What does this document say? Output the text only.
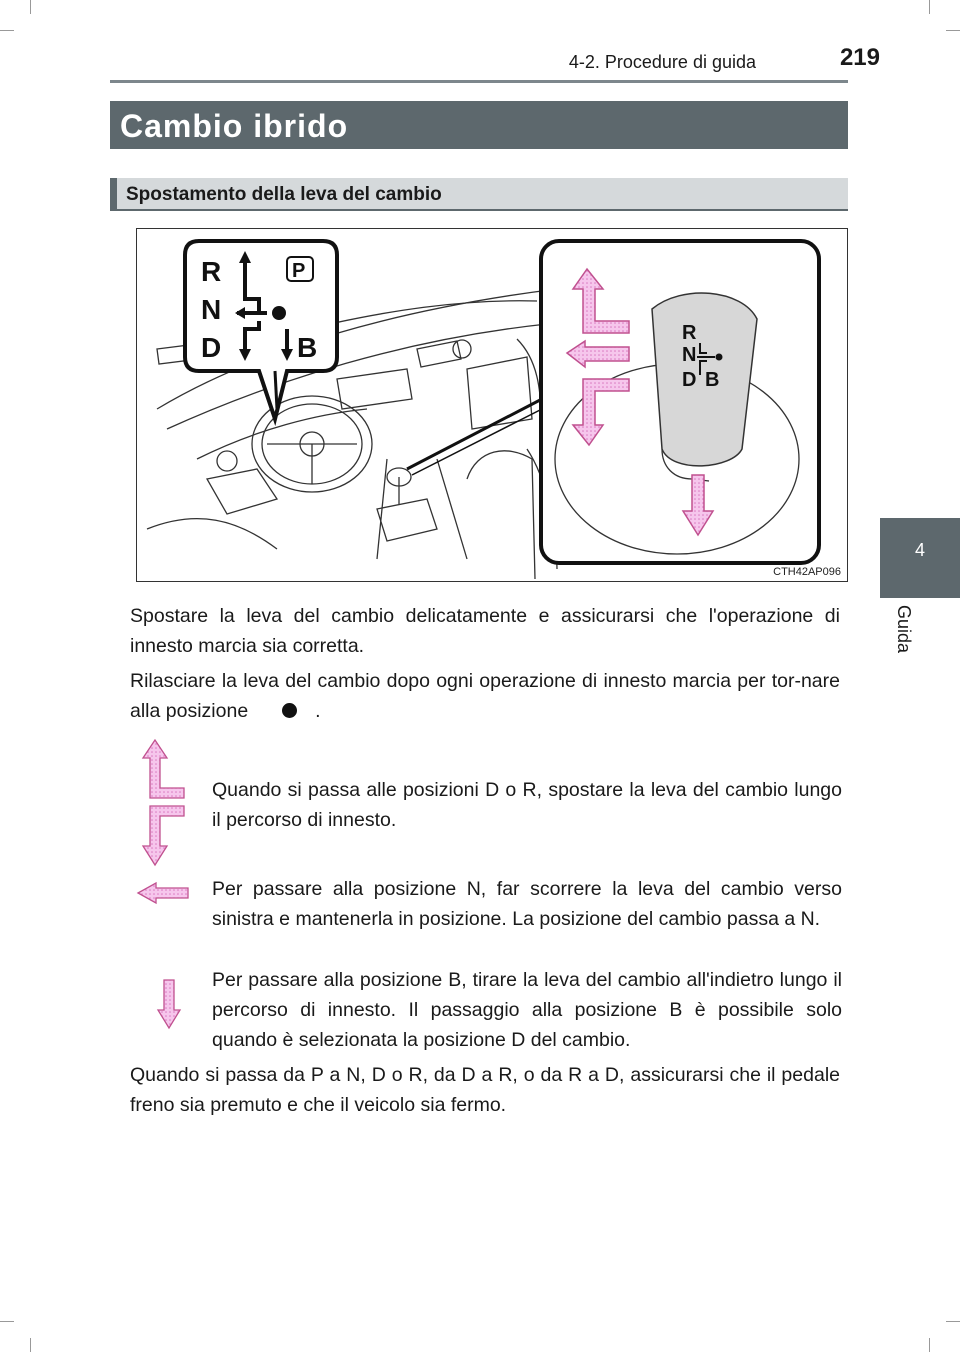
4-2. Procedure di guida	219
Cambio ibrido
Spostamento della leva del cambio
4
Guida
R
N
D	B
P
R
N
D B
CTH42AP096
Spostare la leva del cambio delicatamente e assicurarsi che l'operazione di innesto marcia sia corretta.
Rilasciare la leva del cambio dopo ogni operazione di innesto marcia per tor-nare alla posizione	.
Quando si passa alle posizioni D o R, spostare la leva del cambio lungo il percorso di innesto.
Per passare alla posizione N, far scorrere la leva del cambio verso sinistra e mantenerla in posizione. La posizione del cambio passa a N.
Per passare alla posizione B, tirare la leva del cambio all'indietro lungo il percorso di innesto. Il passaggio alla posizione B è possibile solo quando è selezionata la posizione D del cambio.
Quando si passa da P a N, D o R, da D a R, o da R a D, assicurarsi che il pedale freno sia premuto e che il veicolo sia fermo.
